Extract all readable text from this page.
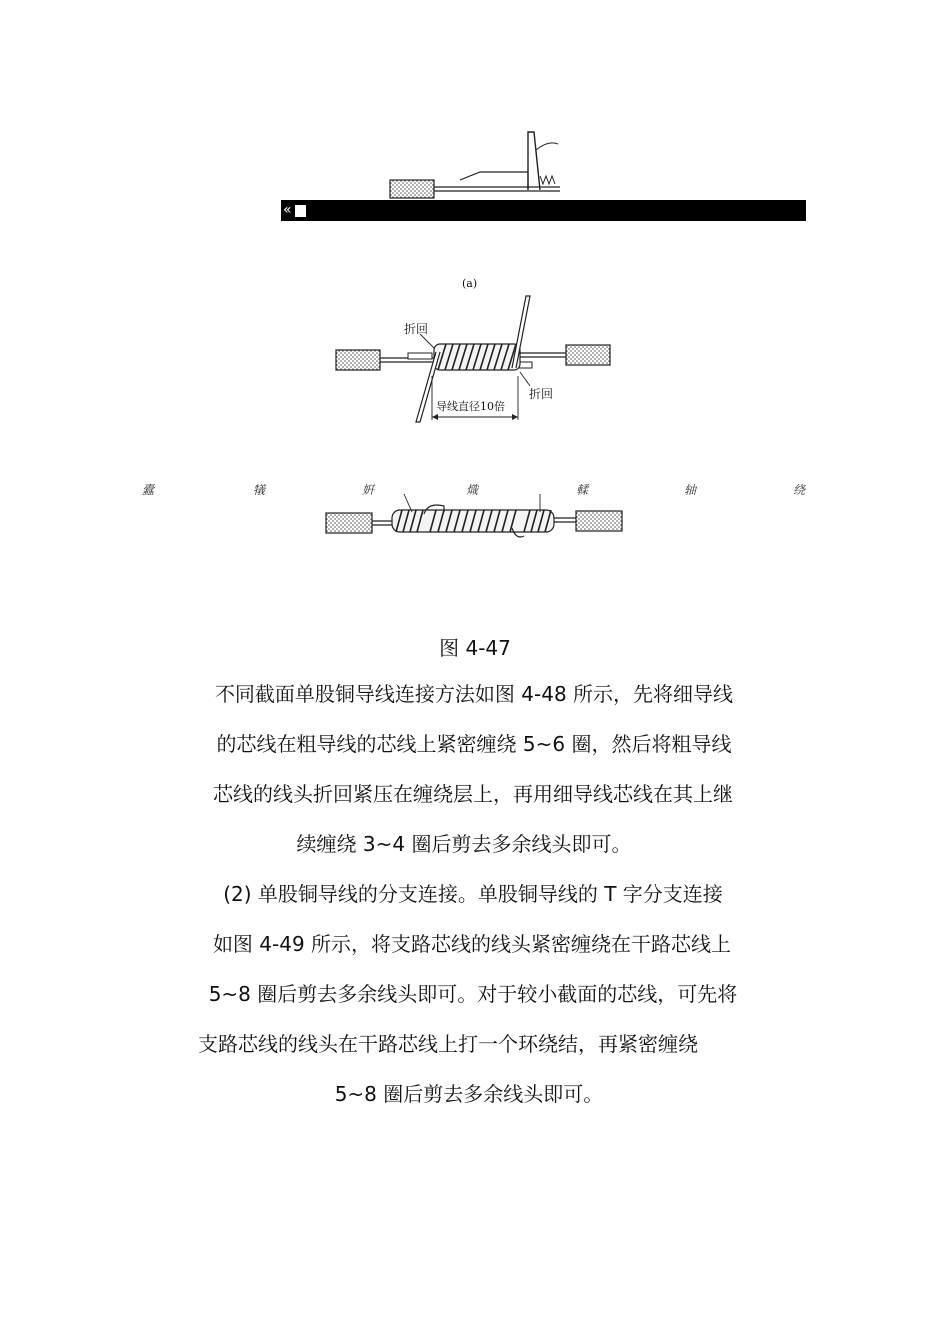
«
(a)
折回
折回
导线直径10倍
蠹	犠	姸	熾	輮	轴	绕
图 4-47
不同截面单股铜导线连接方法如图 4-48 所示，先将细导线
的芯线在粗导线的芯线上紧密缠绕 5~6 圈，然后将粗导线
芯线的线头折回紧压在缠绕层上，再用细导线芯线在其上继
续缠绕 3~4 圈后剪去多余线头即可。
(2) 单股铜导线的分支连接。单股铜导线的 T 字分支连接
如图 4-49 所示，将支路芯线的线头紧密缠绕在干路芯线上
5~8 圈后剪去多余线头即可。对于较小截面的芯线，可先将
支路芯线的线头在干路芯线上打一个环绕结，再紧密缠绕
5~8 圈后剪去多余线头即可。
